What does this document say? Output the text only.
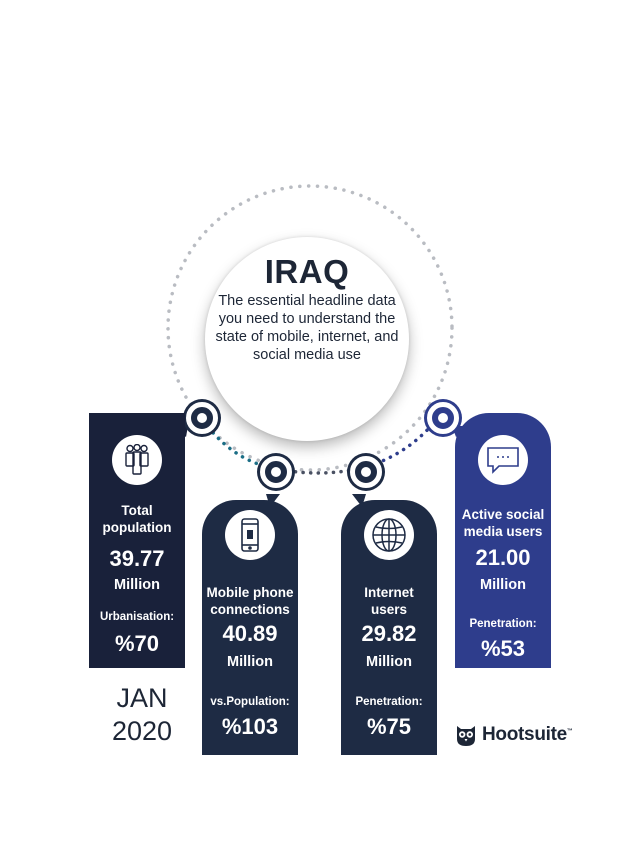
IRAQ
The essential headline data you need to understand the state of mobile, internet, and social media use
Total population
39.77
Million
Urbanisation:
%70
Mobile phone connections
40.89
Million
vs.Population:
%103
Internet users
29.82
Million
Penetration:
%75
Active social media users
21.00
Million
Penetration:
%53
JAN
2020	Hootsuite™
